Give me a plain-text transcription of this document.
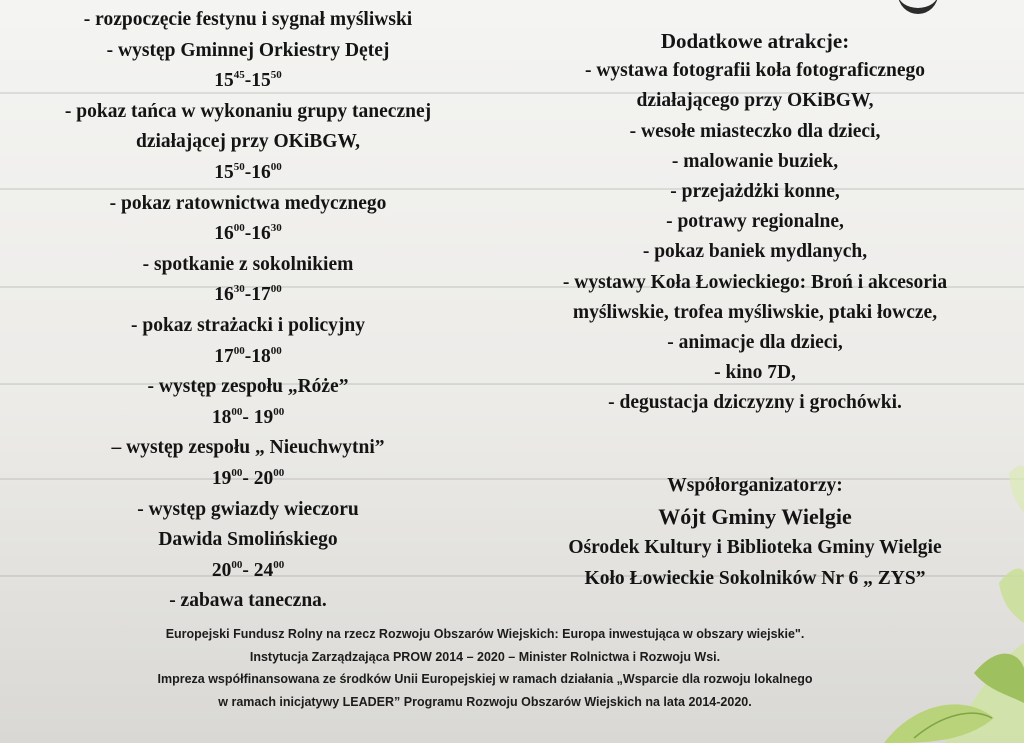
- rozpoczęcie festynu i sygnał myśliwski
- występ Gminnej Orkiestry Dętej
$15^{45}-15^{50}$
- pokaz tańca w wykonaniu grupy tanecznej
działającej przy OKiBGW,
$15^{50}-16^{00}$
- pokaz ratownictwa medycznego
$16^{00}-16^{30}$
- spotkanie z sokolnikiem
$16^{30}-17^{00}$
- pokaz strażacki i policyjny
$17^{00}-18^{00}$
- występ zespołu „Róże”
$18^{00}-$ $19^{00}$
– występ zespołu „ Nieuchwytni”
$19^{00}-$ $20^{00}$
- występ gwiazdy wieczoru
Dawida Smolińskiego
$20^{00}-$ $24^{00}$
- zabawa taneczna.
Dodatkowe atrakcje:
- wystawa fotografii koła fotograficznego
działającego przy OKiBGW,
- wesołe miasteczko dla dzieci,
- malowanie buziek,
- przejażdżki konne,
- potrawy regionalne,
- pokaz baniek mydlanych,
- wystawy Koła Łowieckiego: Broń i akcesoria
myśliwskie, trofea myśliwskie, ptaki łowcze,
- animacje dla dzieci,
- kino 7D,
- degustacja dziczyzny i grochówki.
Współorganizatorzy:
Wójt Gminy Wielgie
Ośrodek Kultury i Biblioteka Gminy Wielgie
Koło Łowieckie Sokolników Nr 6 „ ZYS”
Europejski Fundusz Rolny na rzecz Rozwoju Obszarów Wiejskich: Europa inwestująca w obszary wiejskie".
Instytucja Zarządzająca PROW 2014 – 2020 – Minister Rolnictwa i Rozwoju Wsi.
Impreza współfinansowana ze środków Unii Europejskiej w ramach działania „Wsparcie dla rozwoju lokalnego
w ramach inicjatywy LEADER” Programu Rozwoju Obszarów Wiejskich na lata 2014-2020.
